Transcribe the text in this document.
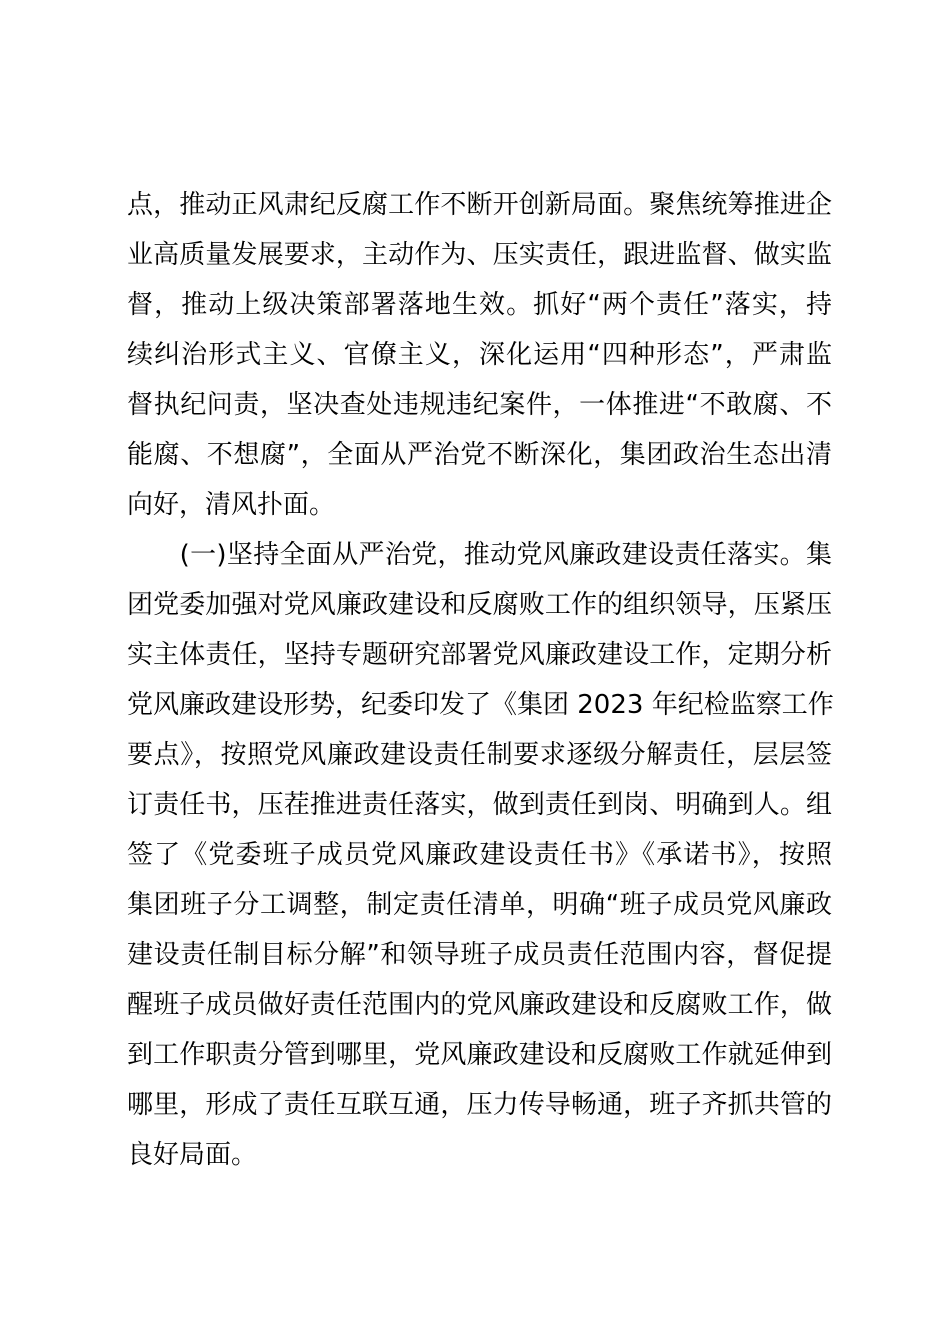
点，推动正风肃纪反腐工作不断开创新局面。聚焦统筹推进企
业高质量发展要求，主动作为、压实责任，跟进监督、做实监
督，推动上级决策部署落地生效。抓好“两个责任”落实，持
续纠治形式主义、官僚主义，深化运用“四种形态”，严肃监
督执纪问责，坚决查处违规违纪案件，一体推进“不敢腐、不
能腐、不想腐”，全面从严治党不断深化，集团政治生态出清
向好，清风扑面。
　　(一)坚持全面从严治党，推动党风廉政建设责任落实。集
团党委加强对党风廉政建设和反腐败工作的组织领导，压紧压
实主体责任，坚持专题研究部署党风廉政建设工作，定期分析
党风廉政建设形势，纪委印发了《集团 2023 年纪检监察工作
要点》，按照党风廉政建设责任制要求逐级分解责任，层层签
订责任书，压茬推进责任落实，做到责任到岗、明确到人。组
签了《党委班子成员党风廉政建设责任书》《承诺书》，按照
集团班子分工调整，制定责任清单，明确“班子成员党风廉政
建设责任制目标分解”和领导班子成员责任范围内容，督促提
醒班子成员做好责任范围内的党风廉政建设和反腐败工作，做
到工作职责分管到哪里，党风廉政建设和反腐败工作就延伸到
哪里，形成了责任互联互通，压力传导畅通，班子齐抓共管的
良好局面。
